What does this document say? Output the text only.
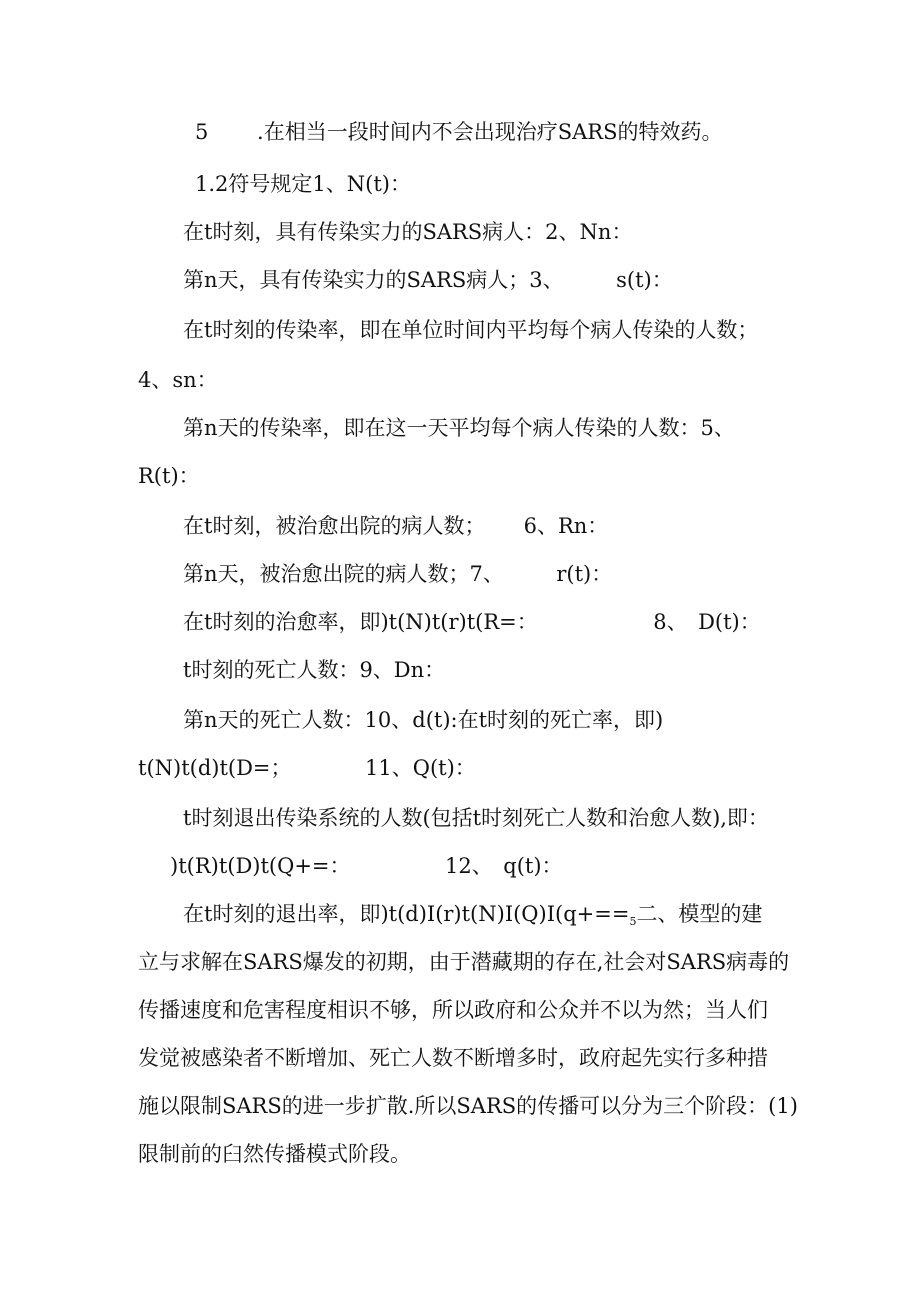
5　　 .在相当一段时间内不会出现治疗SARS的特效药。

1.2符号规定1、N(t)：

在t时刻，具有传染实力的SARS病人：2、Nn：

第n天，具有传染实力的SARS病人；3、　　　s(t)：

在t时刻的传染率，即在单位时间内平均每个病人传染的人数；

4、sn：

第n天的传染率，即在这一天平均每个病人传染的人数：5、

R(t)：

在t时刻，被治愈出院的病人数；　　 6、Rn：

第n天，被治愈出院的病人数；7、　　　r(t)：

在t时刻的治愈率，即)t(N)t(r)t(R=：　　　　　　8、　D(t)：

t时刻的死亡人数：9、Dn：

第n天的死亡人数：10、d(t):在t时刻的死亡率，即)

t(N)t(d)t(D=；　　　　11、Q(t)：

t时刻退出传染系统的人数(包括t时刻死亡人数和治愈人数),即：

)t(R)t(D)t(Q+=：　　　　　12、　q(t)：

在t时刻的退出率，即)$t(d)I(r)t(N)I(Q)I(q+==_5$二、模型的建

立与求解在SARS爆发的初期，由于潜藏期的存在,社会对SARS病毒的

传播速度和危害程度相识不够，所以政府和公众并不以为然；当人们

发觉被感染者不断增加、死亡人数不断增多时，政府起先实行多种措

施以限制SARS的进一步扩散.所以SARS的传播可以分为三个阶段：(1)

限制前的臼然传播模式阶段。
